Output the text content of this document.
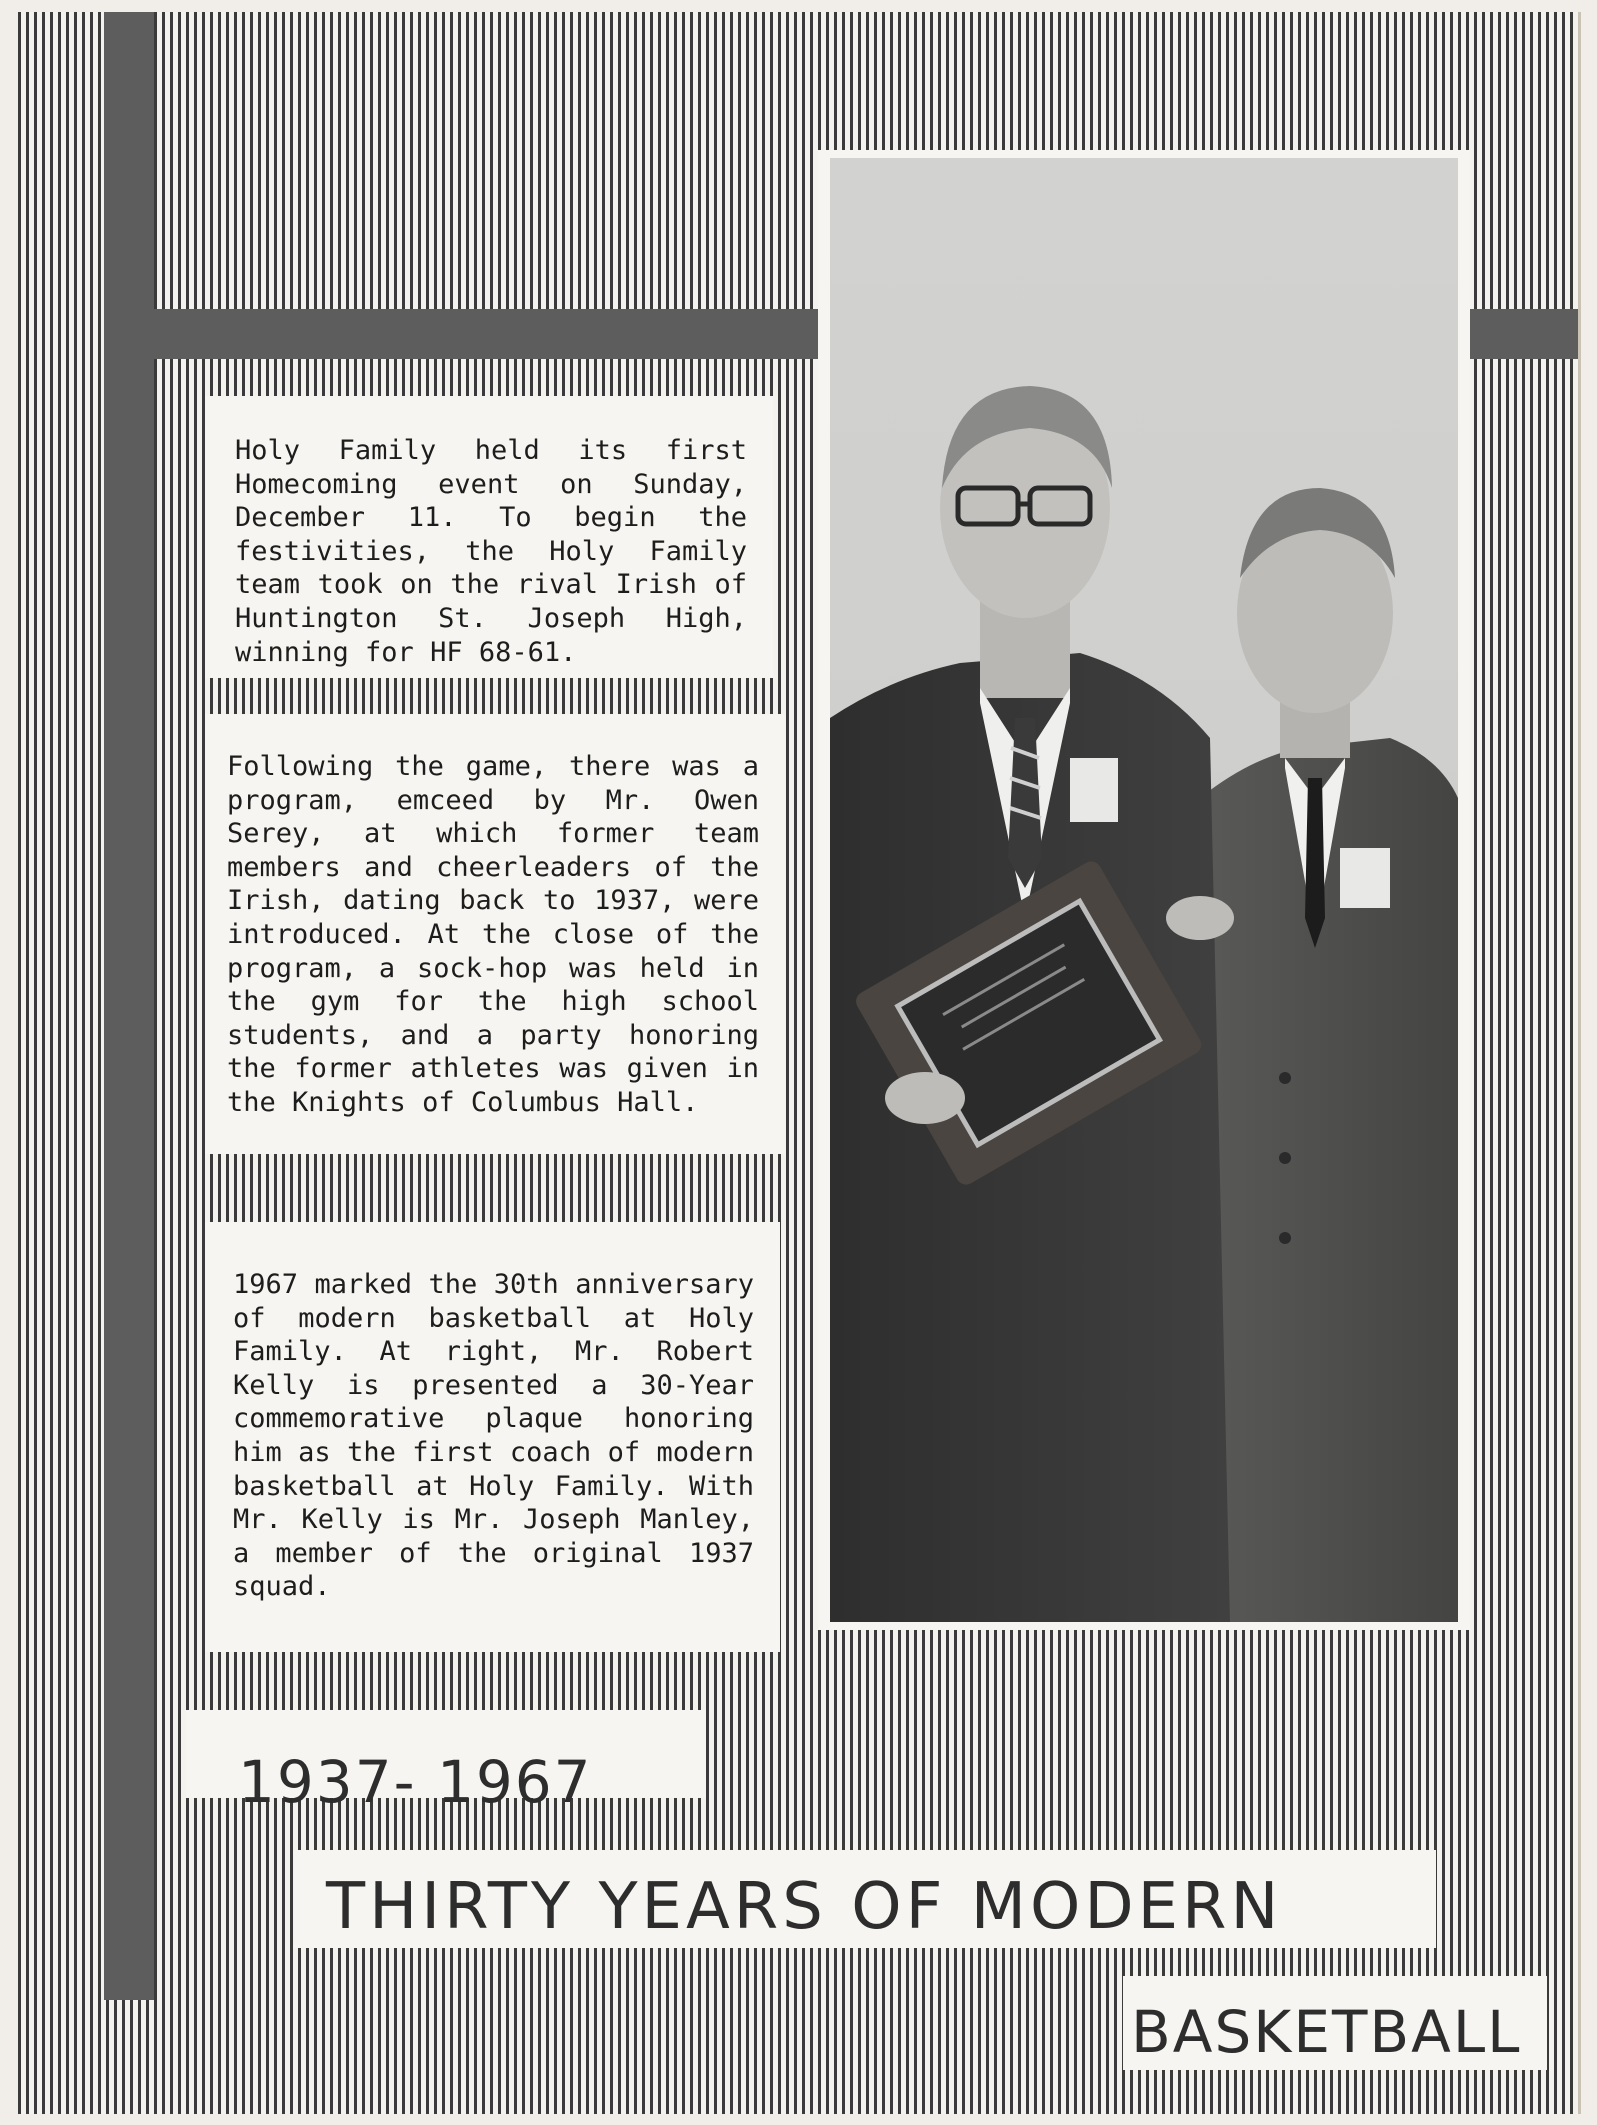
Holy Family held its first Homecoming event on Sunday, December 11. To begin the festivities, the Holy Family team took on the rival Irish of Huntington St. Joseph High, winning for HF 68-61.
Following the game, there was a program, emceed by Mr. Owen Serey, at which former team members and cheerleaders of the Irish, dating back to 1937, were introduced. At the close of the program, a sock-hop was held in the gym for the high school students, and a party honoring the former athletes was given in the Knights of Columbus Hall.
1967 marked the 30th anniversary of modern basketball at Holy Family. At right, Mr. Robert Kelly is presented a 30-Year commemorative plaque honoring him as the first coach of modern basketball at Holy Family. With Mr. Kelly is Mr. Joseph Manley, a member of the original 1937 squad.
1937- 1967
THIRTY YEARS OF MODERN
BASKETBALL
